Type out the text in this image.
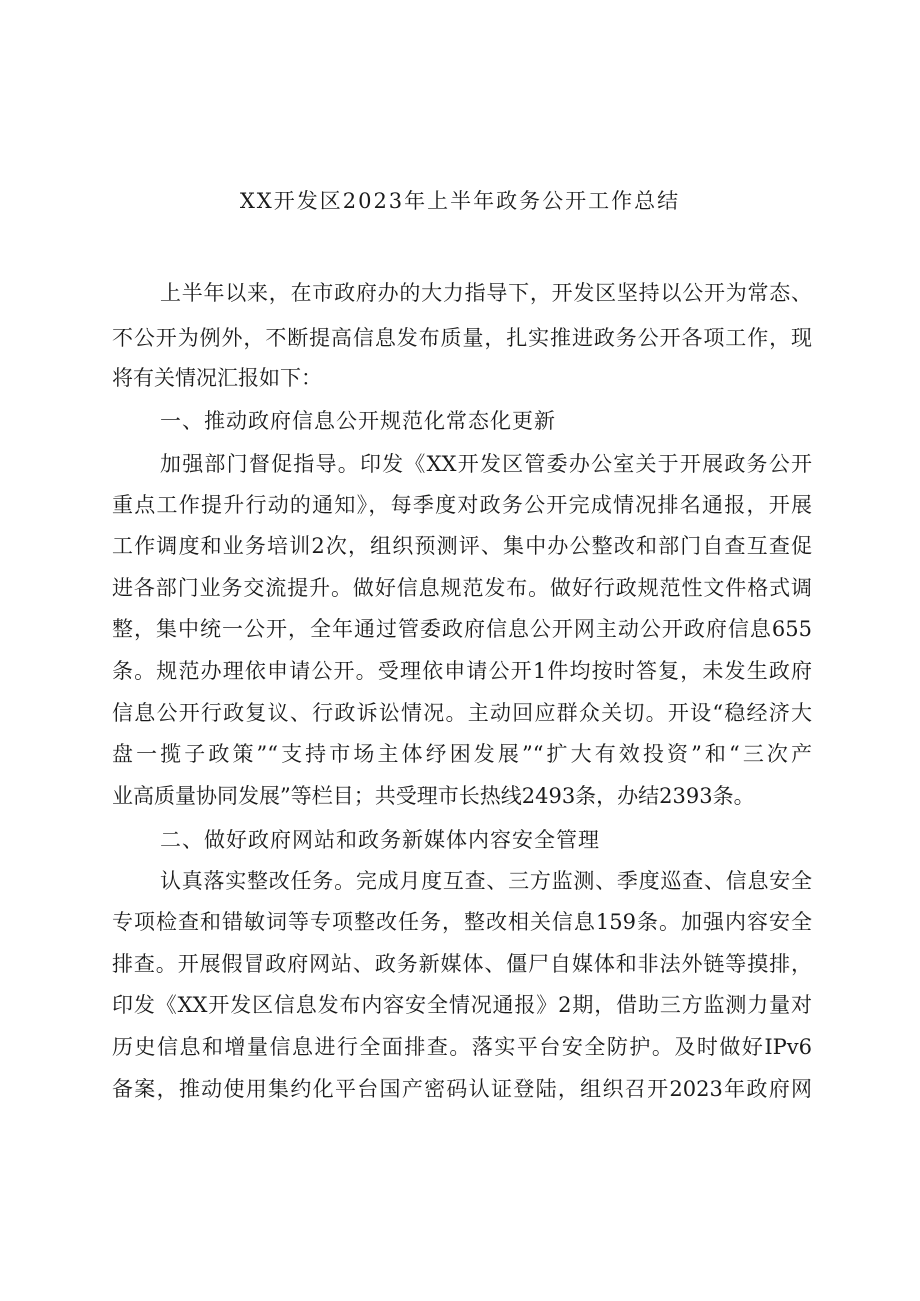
XX开发区2023年上半年政务公开工作总结

上半年以来，在市政府办的大力指导下，开发区坚持以公开为常态、

不公开为例外，不断提高信息发布质量，扎实推进政务公开各项工作，现

将有关情况汇报如下：

一、推动政府信息公开规范化常态化更新

加强部门督促指导。印发《XX开发区管委办公室关于开展政务公开

重点工作提升行动的通知》，每季度对政务公开完成情况排名通报，开展

工作调度和业务培训2次，组织预测评、集中办公整改和部门自查互查促

进各部门业务交流提升。做好信息规范发布。做好行政规范性文件格式调

整，集中统一公开，全年通过管委政府信息公开网主动公开政府信息655

条。规范办理依申请公开。受理依申请公开1件均按时答复，未发生政府

信息公开行政复议、行政诉讼情况。主动回应群众关切。开设“稳经济大

盘一揽子政策”“支持市场主体纾困发展”“扩大有效投资”和“三次产

业高质量协同发展”等栏目；共受理市长热线2493条，办结2393条。

二、做好政府网站和政务新媒体内容安全管理

认真落实整改任务。完成月度互查、三方监测、季度巡查、信息安全

专项检查和错敏词等专项整改任务，整改相关信息159条。加强内容安全

排查。开展假冒政府网站、政务新媒体、僵尸自媒体和非法外链等摸排，

印发《XX开发区信息发布内容安全情况通报》2期，借助三方监测力量对

历史信息和增量信息进行全面排查。落实平台安全防护。及时做好IPv6

备案，推动使用集约化平台国产密码认证登陆，组织召开2023年政府网
